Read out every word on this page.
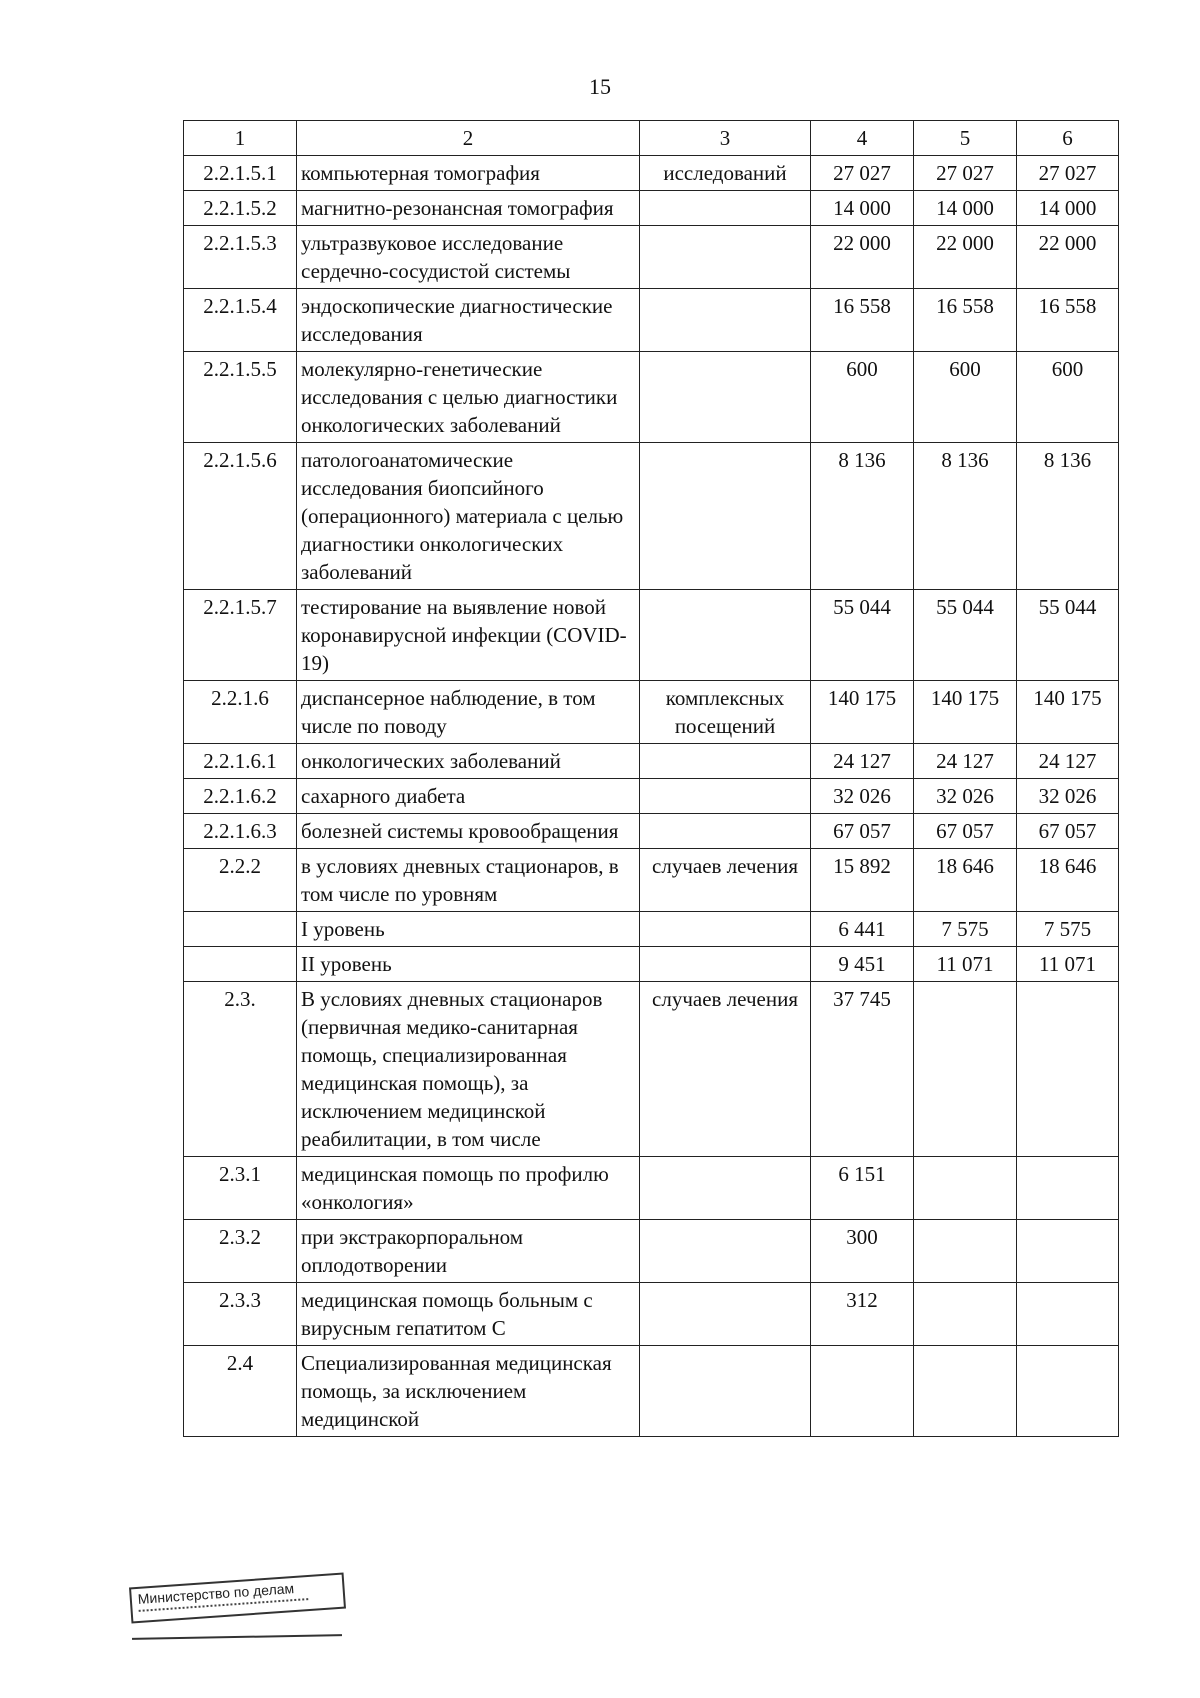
15
1	2	3	4	5	6
2.2.1.5.1	компьютерная томография	исследований	27 027	27 027	27 027
2.2.1.5.2	магнитно-резонансная томография		14 000	14 000	14 000
2.2.1.5.3	ультразвуковое исследование сердечно-сосудистой системы		22 000	22 000	22 000
2.2.1.5.4	эндоскопические диагностические исследования		16 558	16 558	16 558
2.2.1.5.5	молекулярно-генетические исследования с целью диагностики онкологических заболеваний		600	600	600
2.2.1.5.6	патологоанатомические исследования биопсийного (операционного) материала с целью диагностики онкологических заболеваний		8 136	8 136	8 136
2.2.1.5.7	тестирование на выявление новой коронавирусной инфекции (COVID-19)		55 044	55 044	55 044
2.2.1.6	диспансерное наблюдение, в том числе по поводу	комплексных посещений	140 175	140 175	140 175
2.2.1.6.1	онкологических заболеваний		24 127	24 127	24 127
2.2.1.6.2	сахарного диабета		32 026	32 026	32 026
2.2.1.6.3	болезней системы кровообращения		67 057	67 057	67 057
2.2.2	в условиях дневных стационаров, в том числе по уровням	случаев лечения	15 892	18 646	18 646
	I уровень		6 441	7 575	7 575
	II уровень		9 451	11 071	11 071
2.3.	В условиях дневных стационаров (первичная медико-санитарная помощь, специализированная медицинская помощь), за исключением медицинской реабилитации, в том числе	случаев лечения	37 745		
2.3.1	медицинская помощь по профилю «онкология»		6 151		
2.3.2	при экстракорпоральном оплодотворении		300		
2.3.3	медицинская помощь больным с вирусным гепатитом С		312		
2.4	Специализированная медицинская помощь, за исключением медицинской				
Министерство по делам
